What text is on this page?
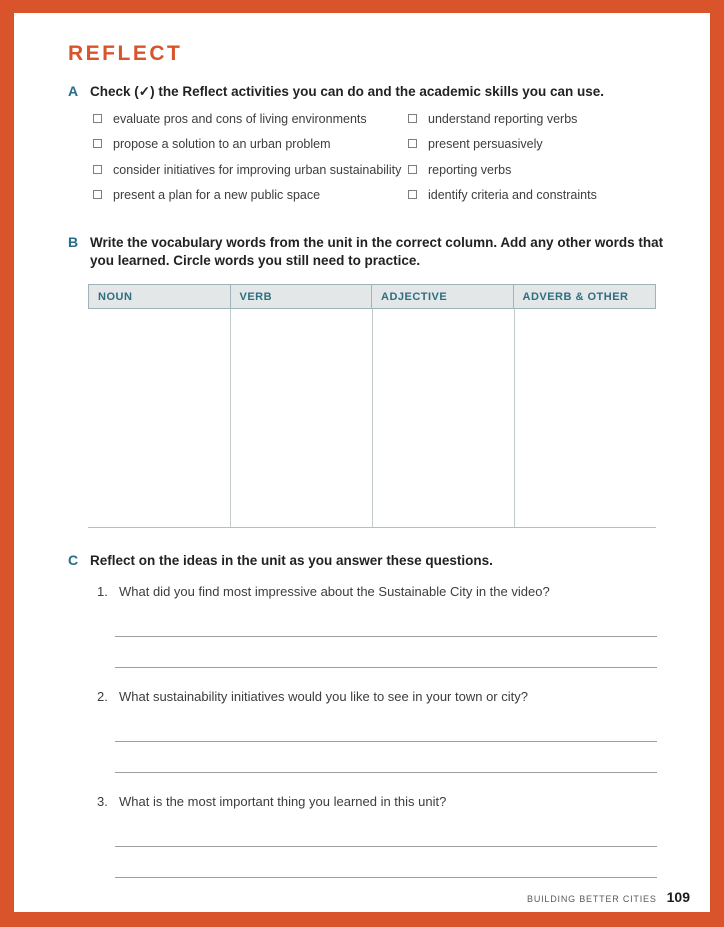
REFLECT
A Check (✓) the Reflect activities you can do and the academic skills you can use.
evaluate pros and cons of living environments
propose a solution to an urban problem
consider initiatives for improving urban sustainability
present a plan for a new public space
understand reporting verbs
present persuasively
reporting verbs
identify criteria and constraints
B Write the vocabulary words from the unit in the correct column. Add any other words that you learned. Circle words you still need to practice.
NOUN	VERB	ADJECTIVE	ADVERB & OTHER
C Reflect on the ideas in the unit as you answer these questions.
1. What did you find most impressive about the Sustainable City in the video?
2. What sustainability initiatives would you like to see in your town or city?
3. What is the most important thing you learned in this unit?
BUILDING BETTER CITIES 109
